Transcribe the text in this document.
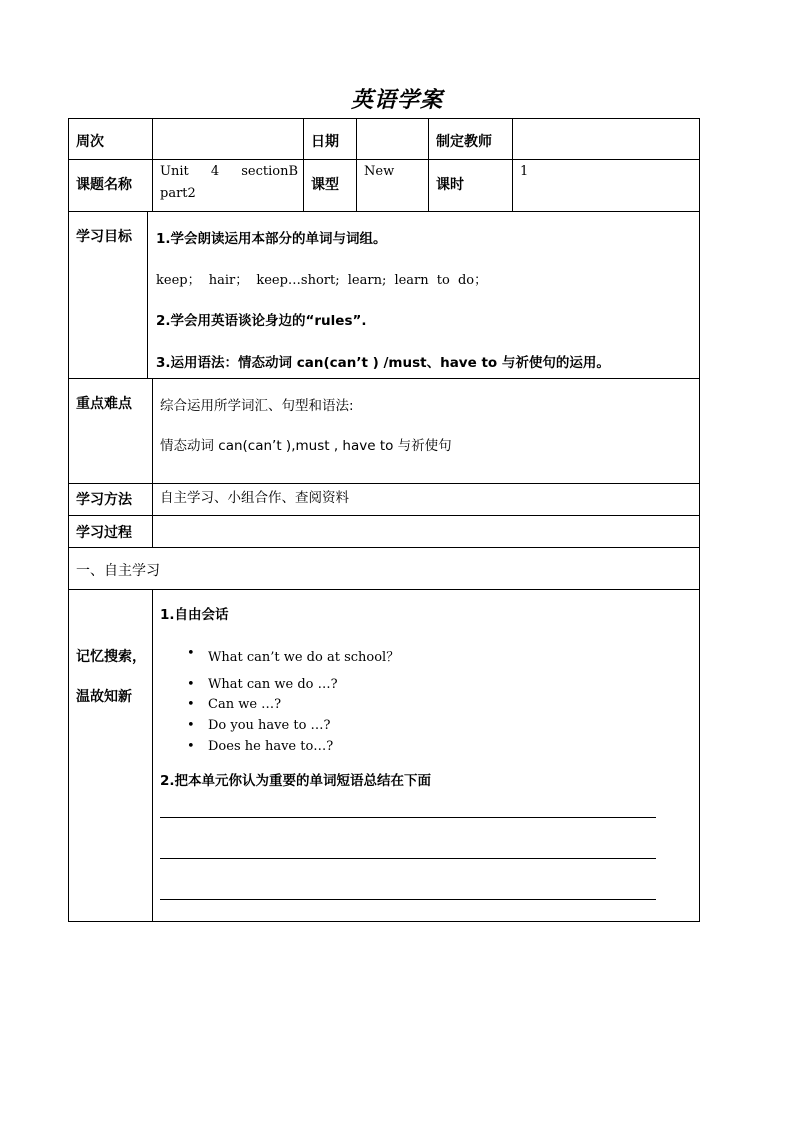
英语学案
周次	日期	制定教师
课题名称
Unit 4 sectionB
part2
课型
New
课时
1
学习目标 1.学会朗读运用本部分的单词与词组。
keep； hair； keep…short; learn; learn to do；
2.学会用英语谈论身边的“rules”.
3.运用语法：情态动词 can(can’t ) /must、have to 与祈使句的运用。
重点难点 综合运用所学词汇、句型和语法:
情态动词 can(can’t ),must , have to 与祈使句
学习方法 自主学习、小组合作、查阅资料
学习过程
一、自主学习
记忆搜索，
温故知新
1.自由会话
• What can’t we do at school？
• What can we do …?
• Can we …?
• Do you have to …?
• Does he have to…?
2.把本单元你认为重要的单词短语总结在下面
